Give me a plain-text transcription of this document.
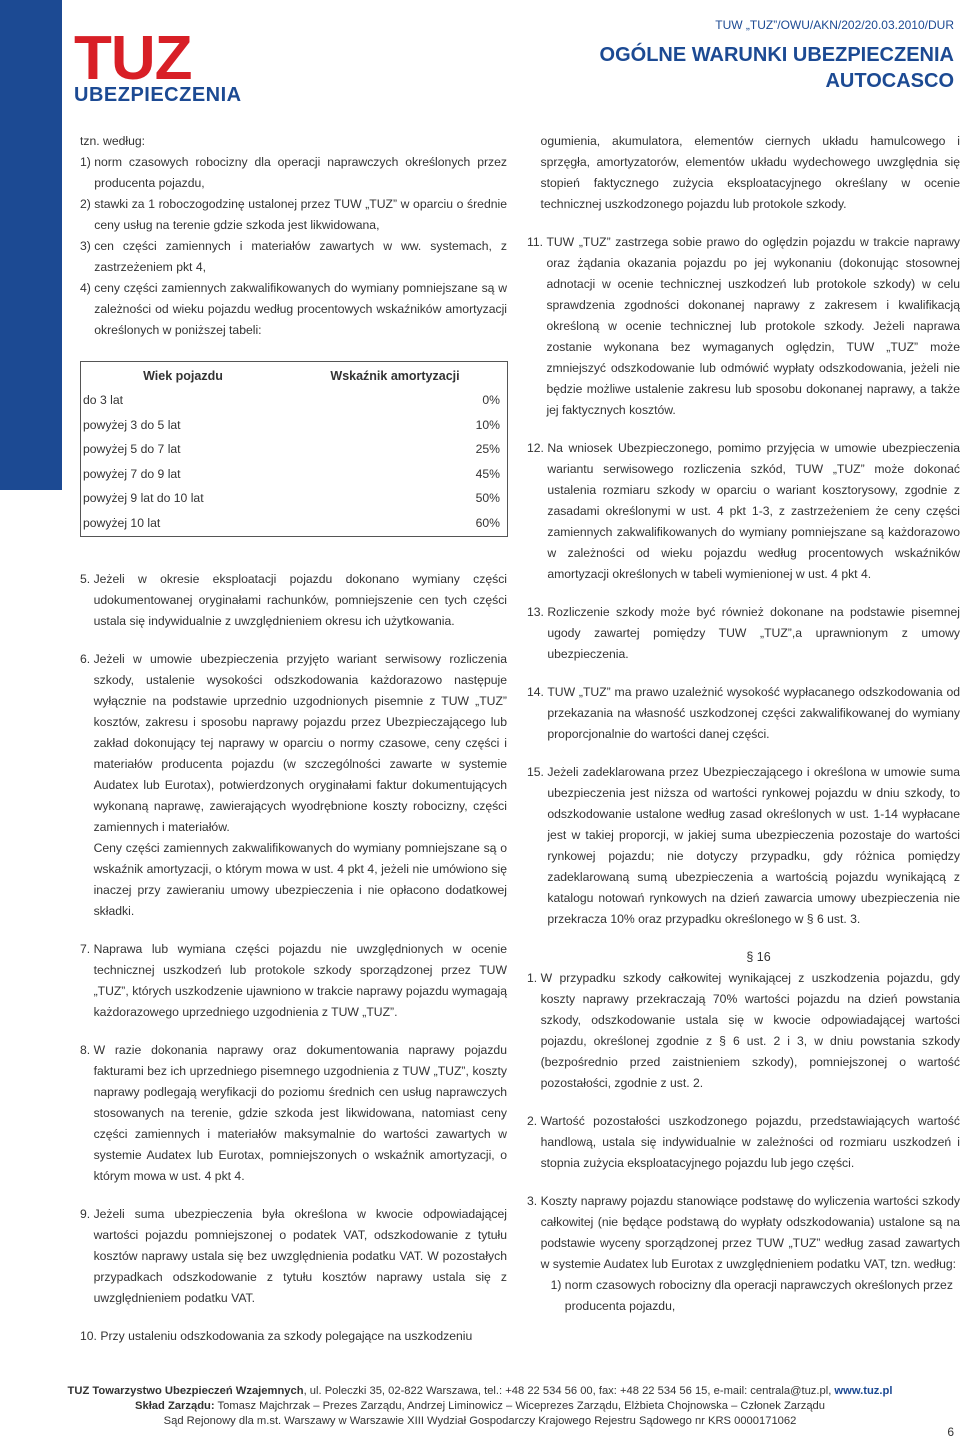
TUZ
UBEZPIECZENIA
TUW „TUZ”/OWU/AKN/202/20.03.2010/DUR
OGÓLNE WARUNKI UBEZPIECZENIA
AUTOCASCO

tzn. według:

1) norm czasowych robocizny dla operacji naprawczych określonych przez producenta pojazdu,
2) stawki za 1 roboczogodzinę ustalonej przez TUW „TUZ” w oparciu o średnie ceny usług na terenie gdzie szkoda jest likwidowana,
3) cen części zamiennych i materiałów zawartych w ww. systemach, z zastrzeżeniem pkt 4,
4) ceny części zamiennych zakwalifikowanych do wymiany pomniejszane są w zależności od wieku pojazdu według procentowych wskaźników amortyzacji określonych w poniższej tabeli:
Wiek pojazdu	Wskaźnik amortyzacji
do 3 lat	0%
powyżej 3 do 5 lat	10%
powyżej 5 do 7 lat	25%
powyżej 7 do 9 lat	45%
powyżej 9 lat do 10 lat	50%
powyżej 10 lat	60%
5. Jeżeli w okresie eksploatacji pojazdu dokonano wymiany części udokumentowanej oryginałami rachunków, pomniejszenie cen tych części ustala się indywidualnie z uwzględnieniem okresu ich użytkowania.
6. Jeżeli w umowie ubezpieczenia przyjęto wariant serwisowy rozliczenia szkody, ustalenie wysokości odszkodowania każdorazowo następuje wyłącznie na podstawie uprzednio uzgodnionych pisemnie z TUW „TUZ” kosztów, zakresu i sposobu naprawy pojazdu przez Ubezpieczającego lub zakład dokonujący tej naprawy w oparciu o normy czasowe, ceny części i materiałów producenta pojazdu (w szczególności zawarte w systemie Audatex lub Eurotax), potwierdzonych oryginałami faktur dokumentujących wykonaną naprawę, zawierających wyodrębnione koszty robocizny, części zamiennych i materiałów.
Ceny części zamiennych zakwalifikowanych do wymiany pomniejszane są o wskaźnik amortyzacji, o którym mowa w ust. 4 pkt 4, jeżeli nie umówiono się inaczej przy zawieraniu umowy ubezpieczenia i nie opłacono dodatkowej składki.
7. Naprawa lub wymiana części pojazdu nie uwzględnionych w ocenie technicznej uszkodzeń lub protokole szkody sporządzonej przez TUW „TUZ”, których uszkodzenie ujawniono w trakcie naprawy pojazdu wymagają każdorazowego uprzedniego uzgodnienia z TUW „TUZ”.
8. W razie dokonania naprawy oraz dokumentowania naprawy pojazdu fakturami bez ich uprzedniego pisemnego uzgodnienia z TUW „TUZ”, koszty naprawy podlegają weryfikacji do poziomu średnich cen usług naprawczych stosowanych na terenie, gdzie szkoda jest likwidowana, natomiast ceny części zamiennych i materiałów maksymalnie do wartości zawartych w systemie Audatex lub Eurotax, pomniejszonych o wskaźnik amortyzacji, o którym mowa w ust. 4 pkt 4.
9. Jeżeli suma ubezpieczenia była określona w kwocie odpowiadającej wartości pojazdu pomniejszonej o podatek VAT, odszkodowanie z tytułu kosztów naprawy ustala się bez uwzględnienia podatku VAT. W pozostałych przypadkach odszkodowanie z tytułu kosztów naprawy ustala się z uwzględnieniem podatku VAT.
10. Przy ustaleniu odszkodowania za szkody polegające na uszkodzeniu

ogumienia, akumulatora, elementów ciernych układu hamulcowego i sprzęgła, amortyzatorów, elementów układu wydechowego uwzględnia się stopień faktycznego zużycia eksploatacyjnego określany w ocenie technicznej uszkodzonego pojazdu lub protokole szkody.
11. TUW „TUZ” zastrzega sobie prawo do oględzin pojazdu w trakcie naprawy oraz żądania okazania pojazdu po jej wykonaniu (dokonując stosownej adnotacji w ocenie technicznej uszkodzeń lub protokole szkody) w celu sprawdzenia zgodności dokonanej naprawy z zakresem i kwalifikacją określoną w ocenie technicznej lub protokole szkody. Jeżeli naprawa zostanie wykonana bez wymaganych oględzin, TUW „TUZ” może zmniejszyć odszkodowanie lub odmówić wypłaty odszkodowania, jeżeli nie będzie możliwe ustalenie zakresu lub sposobu dokonanej naprawy, a także jej faktycznych kosztów.
12. Na wniosek Ubezpieczonego, pomimo przyjęcia w umowie ubezpieczenia wariantu serwisowego rozliczenia szkód, TUW „TUZ” może dokonać ustalenia rozmiaru szkody w oparciu o wariant kosztorysowy, zgodnie z zasadami określonymi w ust. 4 pkt 1-3, z zastrzeżeniem że ceny części zamiennych zakwalifikowanych do wymiany pomniejszane są każdorazowo w zależności od wieku pojazdu według procentowych wskaźników amortyzacji określonych w tabeli wymienionej w ust. 4 pkt 4.
13. Rozliczenie szkody może być również dokonane na podstawie pisemnej ugody zawartej pomiędzy TUW „TUZ”,a uprawnionym z umowy ubezpieczenia.
14. TUW „TUZ” ma prawo uzależnić wysokość wypłacanego odszkodowania od przekazania na własność uszkodzonej części zakwalifikowanej do wymiany proporcjonalnie do wartości danej części.
15. Jeżeli zadeklarowana przez Ubezpieczającego i określona w umowie suma ubezpieczenia jest niższa od wartości rynkowej pojazdu w dniu szkody, to odszkodowanie ustalone według zasad określonych w ust. 1-14 wypłacane jest w takiej proporcji, w jakiej suma ubezpieczenia pozostaje do wartości rynkowej pojazdu; nie dotyczy przypadku, gdy różnica pomiędzy zadeklarowaną sumą ubezpieczenia a wartością pojazdu wynikającą z katalogu notowań rynkowych na dzień zawarcia umowy ubezpieczenia nie przekracza 10% oraz przypadku określonego w § 6 ust. 3.
§ 16
1. W przypadku szkody całkowitej wynikającej z uszkodzenia pojazdu, gdy koszty naprawy przekraczają 70% wartości pojazdu na dzień powstania szkody, odszkodowanie ustala się w kwocie odpowiadającej wartości pojazdu, określonej zgodnie z § 6 ust. 2 i 3, w dniu powstania szkody (bezpośrednio przed zaistnieniem szkody), pomniejszonej o wartość pozostałości, zgodnie z ust. 2.
2. Wartość pozostałości uszkodzonego pojazdu, przedstawiających wartość handlową, ustala się indywidualnie w zależności od rozmiaru uszkodzeń i stopnia zużycia eksploatacyjnego pojazdu lub jego części.
3. Koszty naprawy pojazdu stanowiące podstawę do wyliczenia wartości szkody całkowitej (nie będące podstawą do wypłaty odszkodowania) ustalone są na podstawie wyceny sporządzonej przez TUW „TUZ” według zasad zawartych w systemie Audatex lub Eurotax z uwzględnieniem podatku VAT, tzn. według:
1) norm czasowych robocizny dla operacji naprawczych określonych przez producenta pojazdu,
TUZ Towarzystwo Ubezpieczeń Wzajemnych, ul. Poleczki 35, 02-822 Warszawa, tel.: +48 22 534 56 00, fax: +48 22 534 56 15, e-mail: centrala@tuz.pl, www.tuz.pl
Skład Zarządu: Tomasz Majchrzak – Prezes Zarządu, Andrzej Liminowicz – Wiceprezes Zarządu, Elżbieta Chojnowska – Członek Zarządu
Sąd Rejonowy dla m.st. Warszawy w Warszawie XIII Wydział Gospodarczy Krajowego Rejestru Sądowego nr KRS 0000171062
6
